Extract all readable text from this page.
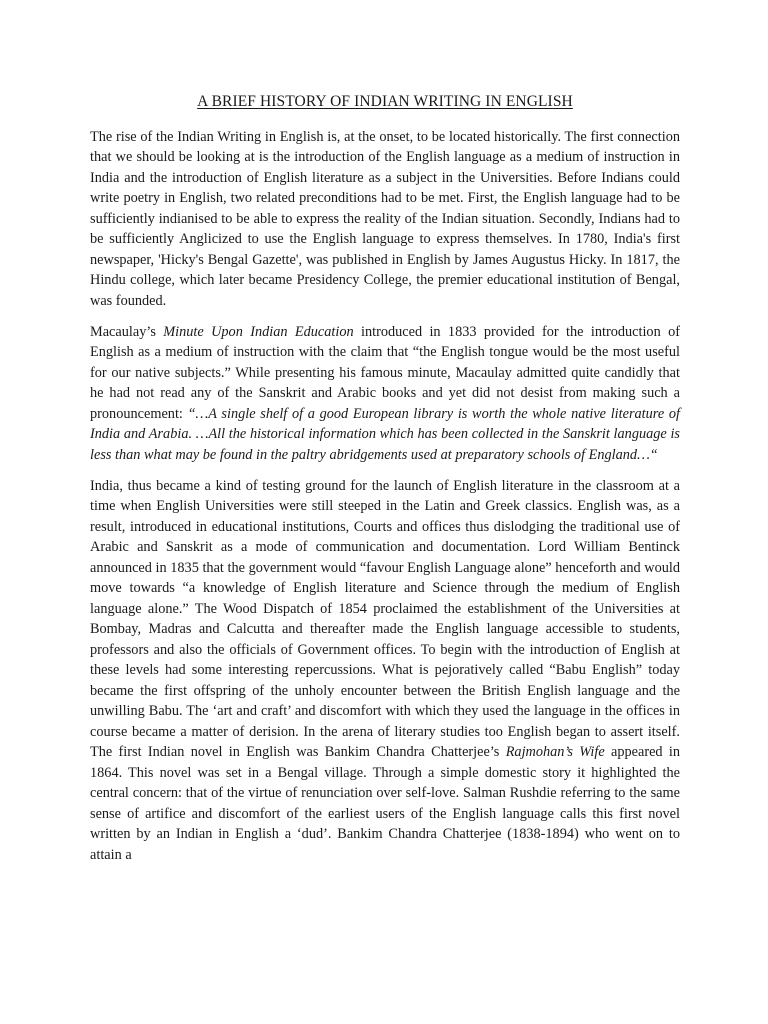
A BRIEF HISTORY OF INDIAN WRITING IN ENGLISH

The rise of the Indian Writing in English is, at the onset, to be located historically. The first connection that we should be looking at is the introduction of the English language as a medium of instruction in India and the introduction of English literature as a subject in the Universities. Before Indians could write poetry in English, two related preconditions had to be met. First, the English language had to be sufficiently indianised to be able to express the reality of the Indian situation. Secondly, Indians had to be sufficiently Anglicized to use the English language to express themselves. In 1780, India's first newspaper, 'Hicky's Bengal Gazette', was published in English by James Augustus Hicky. In 1817, the Hindu college, which later became Presidency College, the premier educational institution of Bengal, was founded.

Macaulay’s Minute Upon Indian Education introduced in 1833 provided for the introduction of English as a medium of instruction with the claim that “the English tongue would be the most useful for our native subjects.” While presenting his famous minute, Macaulay admitted quite candidly that he had not read any of the Sanskrit and Arabic books and yet did not desist from making such a pronouncement: “…A single shelf of a good European library is worth the whole native literature of India and Arabia. …All the historical information which has been collected in the Sanskrit language is less than what may be found in the paltry abridgements used at preparatory schools of England…“

India, thus became a kind of testing ground for the launch of English literature in the classroom at a time when English Universities were still steeped in the Latin and Greek classics. English was, as a result, introduced in educational institutions, Courts and offices thus dislodging the traditional use of Arabic and Sanskrit as a mode of communication and documentation. Lord William Bentinck announced in 1835 that the government would “favour English Language alone” henceforth and would move towards “a knowledge of English literature and Science through the medium of English language alone.” The Wood Dispatch of 1854 proclaimed the establishment of the Universities at Bombay, Madras and Calcutta and thereafter made the English language accessible to students, professors and also the officials of Government offices. To begin with the introduction of English at these levels had some interesting repercussions. What is pejoratively called “Babu English” today became the first offspring of the unholy encounter between the British English language and the unwilling Babu. The ‘art and craft’ and discomfort with which they used the language in the offices in course became a matter of derision. In the arena of literary studies too English began to assert itself. The first Indian novel in English was Bankim Chandra Chatterjee’s Rajmohan’s Wife appeared in 1864. This novel was set in a Bengal village. Through a simple domestic story it highlighted the central concern: that of the virtue of renunciation over self-love. Salman Rushdie referring to the same sense of artifice and discomfort of the earliest users of the English language calls this first novel written by an Indian in English a ‘dud’. Bankim Chandra Chatterjee (1838-1894) who went on to attain a
